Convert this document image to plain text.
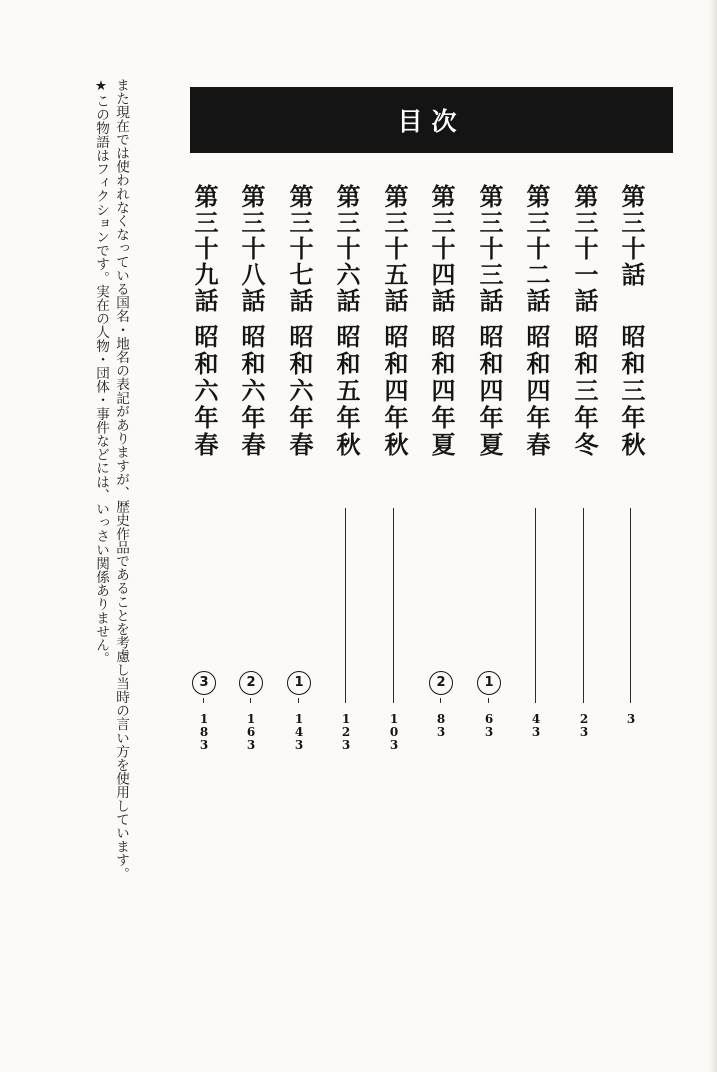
目次
第三十話
昭和三年秋
3
第三十一話
昭和三年冬
23
第三十二話
昭和四年春
43
第三十三話
昭和四年夏
1
63
第三十四話
昭和四年夏
2
83
第三十五話
昭和四年秋
103
第三十六話
昭和五年秋
123
第三十七話
昭和六年春
1
143
第三十八話
昭和六年春
2
163
第三十九話
昭和六年春
3
183
★この物語はフィクションです。実在の人物・団体・事件などには、いっさい関係ありません。 また現在では使われなくなっている国名・地名の表記がありますが、歴史作品であることを考慮し当時の言い方を使用しています。
